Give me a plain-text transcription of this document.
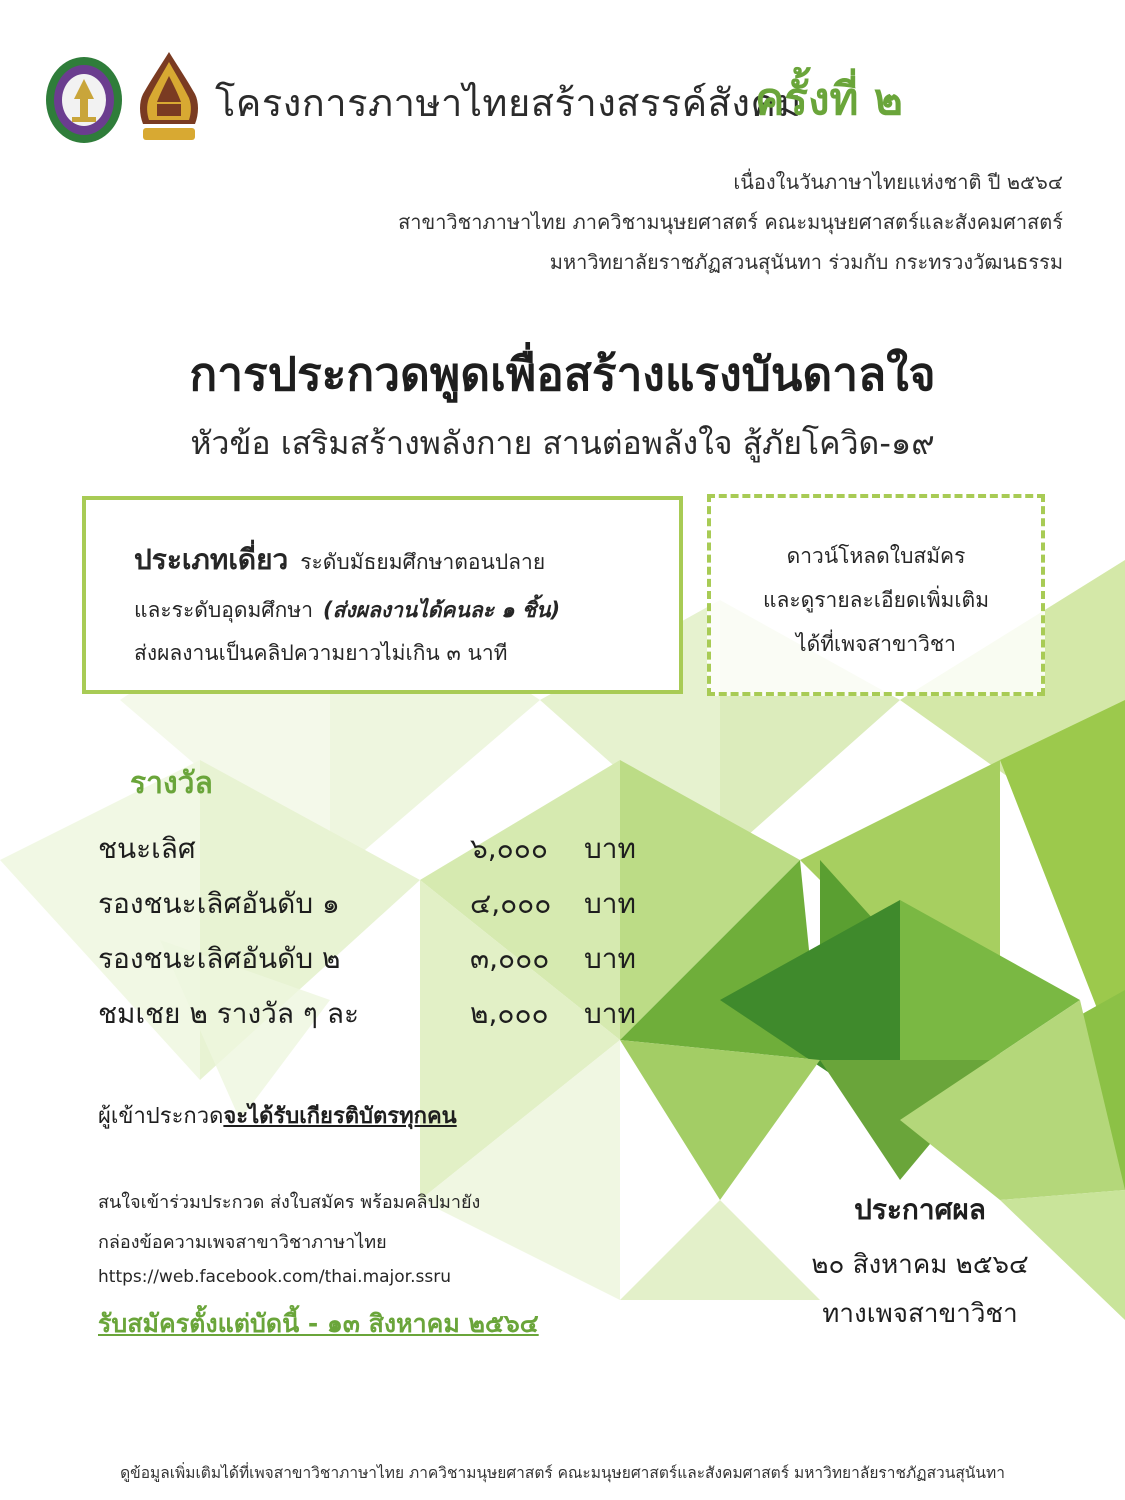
โครงการภาษาไทยสร้างสรรค์สังคม
ครั้งที่ ๒
เนื่องในวันภาษาไทยแห่งชาติ ปี ๒๕๖๔
สาขาวิชาภาษาไทย ภาควิชามนุษยศาสตร์ คณะมนุษยศาสตร์และสังคมศาสตร์
มหาวิทยาลัยราชภัฏสวนสุนันทา ร่วมกับ กระทรวงวัฒนธรรม
การประกวดพูดเพื่อสร้างแรงบันดาลใจ
หัวข้อ เสริมสร้างพลังกาย สานต่อพลังใจ สู้ภัยโควิด-๑๙
ประเภทเดี่ยว ระดับมัธยมศึกษาตอนปลาย
และระดับอุดมศึกษา (ส่งผลงานได้คนละ ๑ ชิ้น)
ส่งผลงานเป็นคลิปความยาวไม่เกิน ๓ นาที
ดาวน์โหลดใบสมัคร
และดูรายละเอียดเพิ่มเติม
ได้ที่เพจสาขาวิชา
รางวัล
ชนะเลิศ	๖,๐๐๐ บาท
รองชนะเลิศอันดับ ๑	๔,๐๐๐ บาท
รองชนะเลิศอันดับ ๒	๓,๐๐๐ บาท
ชมเชย ๒ รางวัล ๆ ละ	๒,๐๐๐ บาท
ผู้เข้าประกวดจะได้รับเกียรติบัตรทุกคน
สนใจเข้าร่วมประกวด ส่งใบสมัคร พร้อมคลิปมายัง
กล่องข้อความเพจสาขาวิชาภาษาไทย
https://web.facebook.com/thai.major.ssru
รับสมัครตั้งแต่บัดนี้ - ๑๓ สิงหาคม ๒๕๖๔
ประกาศผล
๒๐ สิงหาคม ๒๕๖๔
ทางเพจสาขาวิชา
ดูข้อมูลเพิ่มเติมได้ที่เพจสาขาวิชาภาษาไทย ภาควิชามนุษยศาสตร์ คณะมนุษยศาสตร์และสังคมศาสตร์ มหาวิทยาลัยราชภัฏสวนสุนันทา
